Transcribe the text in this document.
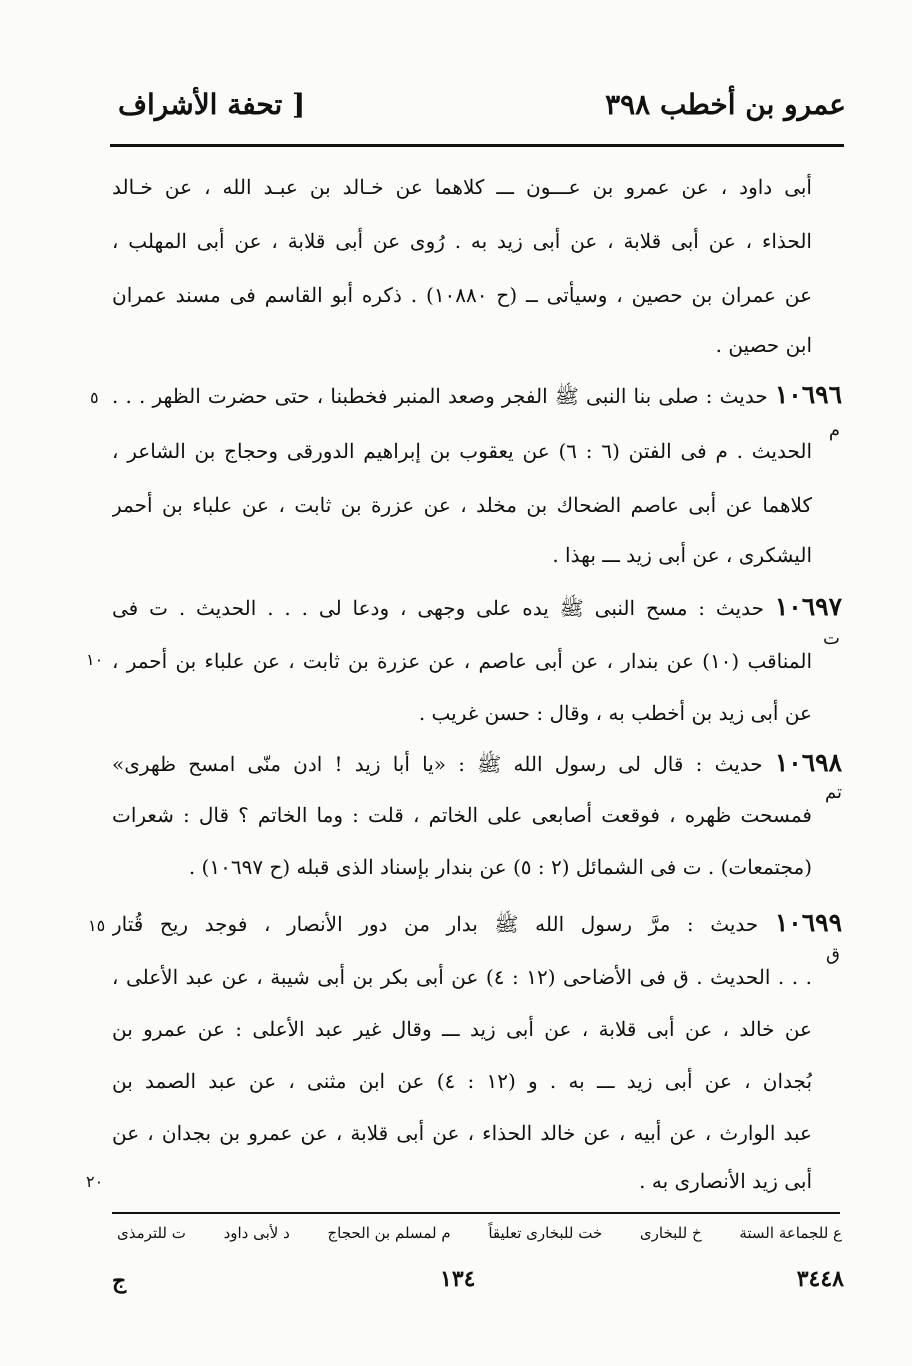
عمرو بن أخطب ٣٩٨
[ تحفة الأشراف
أبى داود ، عن عمرو بن عـــون ـــ كلاهما عن خـالد بن عبـد الله ، عن خـالد
الحذاء ، عن أبى قلابة ، عن أبى زيد به . رُوى عن أبى قلابة ، عن أبى المهلب ،
عن عمران بن حصين ، وسيأتى ــ (ح ١٠٨٨٠) . ذكره أبو القاسم فى مسند عمران
ابن حصين .
١٠٦٩٦ حديث : صلى بنا النبى ﷺ الفجر وصعد المنبر فخطبنا ، حتى حضرت الظهر . . .
٥
م
الحديث . م فى الفتن (٦ : ٦) عن يعقوب بن إبراهيم الدورقى وحجاج بن الشاعر ،
كلاهما عن أبى عاصم الضحاك بن مخلد ، عن عزرة بن ثابت ، عن علباء بن أحمر
اليشكرى ، عن أبى زيد ـــ بهذا .
١٠٦٩٧ حديث : مسح النبى ﷺ يده على وجهى ، ودعا لى . . . الحديث . ت فى
ت
١٠ المناقب (١٠) عن بندار ، عن أبى عاصم ، عن عزرة بن ثابت ، عن علباء بن أحمر ،
عن أبى زيد بن أخطب به ، وقال : حسن غريب .
١٠٦٩٨ حديث : قال لى رسول الله ﷺ : «يا أبا زيد ! ادن منّى امسح ظهرى»
تم
فمسحت ظهره ، فوقعت أصابعى على الخاتم ، قلت : وما الخاتم ؟ قال : شعرات
(مجتمعات) . ت فى الشمائل (٢ : ٥) عن بندار بإسناد الذى قبله (ح ١٠٦٩٧) .
١٠٦٩٩ حديث : مرَّ رسول الله ﷺ بدار من دور الأنصار ، فوجد ريح قُتار
١٥
ق
. . . الحديث . ق فى الأضاحى (١٢ : ٤) عن أبى بكر بن أبى شيبة ، عن عبد الأعلى ،
عن خالد ، عن أبى قلابة ، عن أبى زيد ـــ وقال غير عبد الأعلى : عن عمرو بن
بُجدان ، عن أبى زيد ـــ به . و (١٢ : ٤) عن ابن مثنى ، عن عبد الصمد بن
عبد الوارث ، عن أبيه ، عن خالد الحذاء ، عن أبى قلابة ، عن عمرو بن بجدان ، عن
أبى زيد الأنصارى به .
٢٠
ع للجماعة الستة
خ للبخارى
خت للبخارى تعليقاً
م لمسلم بن الحجاج
د لأبى داود
ت للترمذى
٣٤٤٨
١٣٤
ج
